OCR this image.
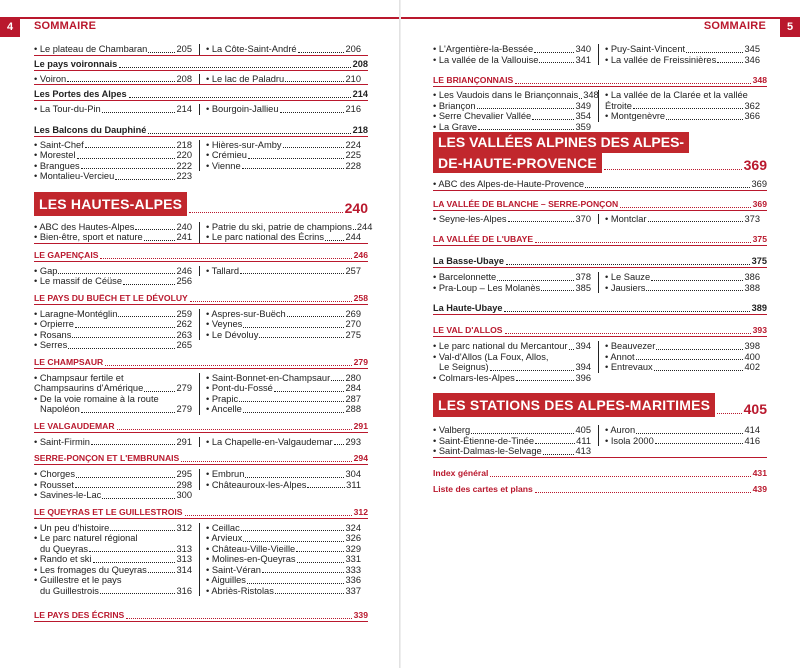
4	SOMMAIRE	SOMMAIRE	5
• Le plateau de Chambaran	205 • La Côte-Saint-André	206
Le pays voironnais	208
• Voiron	208 • Le lac de Paladru	210
Les Portes des Alpes	214
• La Tour-du-Pin	214 • Bourgoin-Jallieu	216
Les Balcons du Dauphiné	218
• Saint-Chef	218
• Morestel	220
• Brangues	222
• Montalieu-Vercieu	223
• Hières-sur-Amby	224
• Crémieu	225
• Vienne	228
LES HAUTES-ALPES	240
• ABC des Hautes-Alpes	240
• Bien-être, sport et nature	241
• Patrie du ski, patrie de champions 244
• Le parc national des Écrins 244
LE GAPENÇAIS	246
• Gap	246
• Le massif de Céüse	256
• Tallard	257
LE PAYS DU BUËCH ET LE DÉVOLUY	258
• Laragne-Montéglin	259
• Orpierre	262
• Rosans	263
• Serres	265
• Aspres-sur-Buëch	269
• Veynes	270
• Le Dévoluy	275
LE CHAMPSAUR	279
• Champsaur fertile et
Champsaurins d'Amérique	279
• De la voie romaine à la route
Napoléon	279
• Saint-Bonnet-en-Champsaur 280
• Pont-du-Fossé	284
• Prapic	287
• Ancelle	288
LE VALGAUDEMAR	291
• Saint-Firmin	291 • La Chapelle-en-Valgaudemar 293
SERRE-PONÇON ET L'EMBRUNAIS	294
• Chorges	295
• Rousset	298
• Savines-le-Lac	300
• Embrun	304
• Châteauroux-les-Alpes	311
LE QUEYRAS ET LE GUILLESTROIS	312
• Un peu d'histoire	312
• Le parc naturel régional
du Queyras	313
• Rando et ski	313
• Les fromages du Queyras	314
• Guillestre et le pays
du Guillestrois	316
• Ceillac	324
• Arvieux	326
• Château-Ville-Vieille	329
• Molines-en-Queyras	331
• Saint-Véran	333
• Aiguilles	336
• Abriès-Ristolas	337
LE PAYS DES ÉCRINS	339
• L'Argentière-la-Bessée	340
• La vallée de la Vallouise	341
• Puy-Saint-Vincent	345
• La vallée de Freissinières	346
LE BRIANÇONNAIS	348
• Les Vaudois dans le Briançonnais 348
• Briançon	349
• Serre Chevalier Vallée	354
• La Grave	359
• La vallée de la Clarée et la vallée
Étroite	362
• Montgenèvre	366
LES VALLÉES ALPINES DES ALPES-
DE-HAUTE-PROVENCE	369
• ABC des Alpes-de-Haute-Provence	369
LA VALLÉE DE BLANCHE – SERRE-PONÇON	369
• Seyne-les-Alpes	370 • Montclar	373
LA VALLÉE DE L'UBAYE	375
La Basse-Ubaye	375
• Barcelonnette	378
• Pra-Loup – Les Molanès	385
• Le Sauze	386
• Jausiers	388
La Haute-Ubaye	389
LE VAL D'ALLOS	393
• Le parc national du Mercantour 394
• Val-d'Allos (La Foux, Allos,
Le Seignus)	394
• Colmars-les-Alpes	396
• Beauvezer	398
• Annot	400
• Entrevaux	402
LES STATIONS DES ALPES-MARITIMES	405
• Valberg	405
• Saint-Étienne-de-Tinée	411
• Saint-Dalmas-le-Selvage	413
• Auron	414
• Isola 2000	416
Index général	431
Liste des cartes et plans	439
